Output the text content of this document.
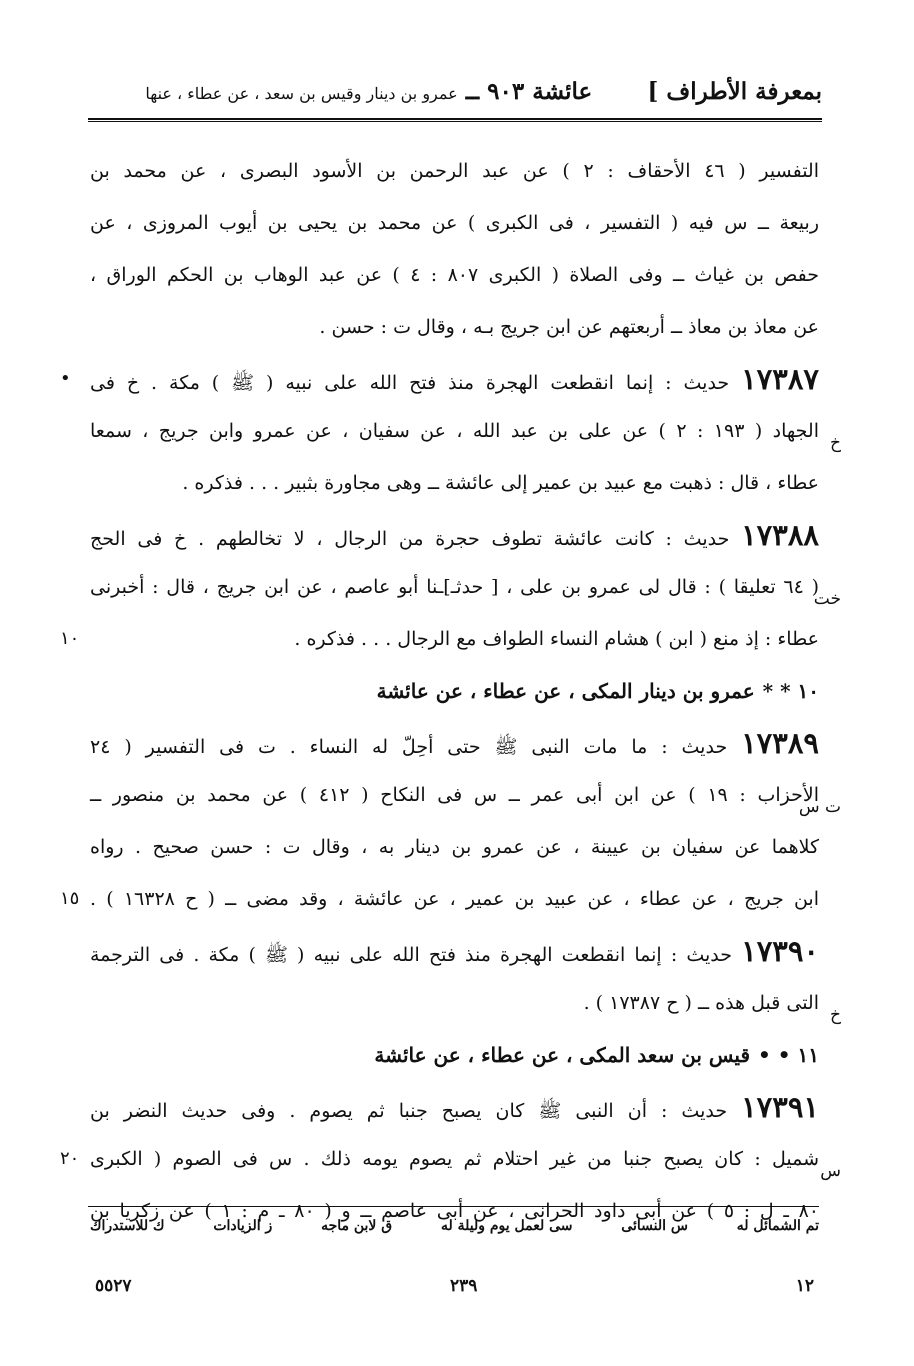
بمعرفة الأطراف ]
عائشة ٩٠٣ ــ عمرو بن دينار وقيس بن سعد ، عن عطاء ، عنها
التفسير ( ٤٦ الأحقاف : ٢ ) عن عبد الرحمن بن الأسود البصرى ، عن محمد بن
ربيعة ــ س فيه ( التفسير ، فى الكبرى ) عن محمد بن يحيى بن أيوب المروزى ، عن
حفص بن غياث ــ وفى الصلاة ( الكبرى ٨٠٧ : ٤ ) عن عبد الوهاب بن الحكم الوراق ،
عن معاذ بن معاذ ــ أربعتهم عن ابن جريج بـه ، وقال ت : حسن .
١٧٣٨٧ حديث : إنما انقطعت الهجرة منذ فتح الله على نبيه ( ﷺ ) مكة . خ فى
•
الجهاد ( ١٩٣ : ٢ ) عن على بن عبد الله ، عن سفيان ، عن عمرو وابن جريج ، سمعا
خ
عطاء ، قال : ذهبت مع عبيد بن عمير إلى عائشة ــ وهى مجاورة بثبير . . . فذكره .
١٧٣٨٨ حديث : كانت عائشة تطوف حجرة من الرجال ، لا تخالطهم . خ فى الحج
( ٦٤ تعليقا ) : قال لى عمرو بن على ، [ حدثـ]ـنا أبو عاصم ، عن ابن جريج ، قال : أخبرنى
خت
عطاء : إذ منع ( ابن ) هشام النساء الطواف مع الرجال . . . فذكره .
١٠
١٠ * *عمرو بن دينار المكى ، عن عطاء ، عن عائشة
١٧٣٨٩ حديث : ما مات النبى ﷺ حتى أحِلّ له النساء . ت فى التفسير ( ٢٤
الأحزاب : ١٩ ) عن ابن أبى عمر ــ س فى النكاح ( ٤١٢ ) عن محمد بن منصور ــ
ت س
كلاهما عن سفيان بن عيينة ، عن عمرو بن دينار به ، وقال ت : حسن صحيح . رواه
ابن جريج ، عن عطاء ، عن عبيد بن عمير ، عن عائشة ، وقد مضى ــ ( ح ١٦٣٢٨ ) .
١٥
١٧٣٩٠ حديث : إنما انقطعت الهجرة منذ فتح الله على نبيه ( ﷺ ) مكة . فى الترجمة
التى قبل هذه ــ ( ح ١٧٣٨٧ ) .
خ
١١ • •قيس بن سعد المكى ، عن عطاء ، عن عائشة
١٧٣٩١ حديث : أن النبى ﷺ كان يصبح جنبا ثم يصوم . وفى حديث النضر بن
شميل : كان يصبح جنبا من غير احتلام ثم يصوم يومه ذلك . س فى الصوم ( الكبرى
٢٠
س
٨٠ ـ ل : ٥ ) عن أبى داود الحرانى ، عن أبى عاصم ــ و ( ٨٠ ـ م : ١ ) عن زكريا بن
تم الشمائل له
س النسائى
سى لعمل يوم وليلة له
ق لابن ماجه
ز الزيادات
ك للاستدراك
١٢
٢٣٩
٥٥٢٧
